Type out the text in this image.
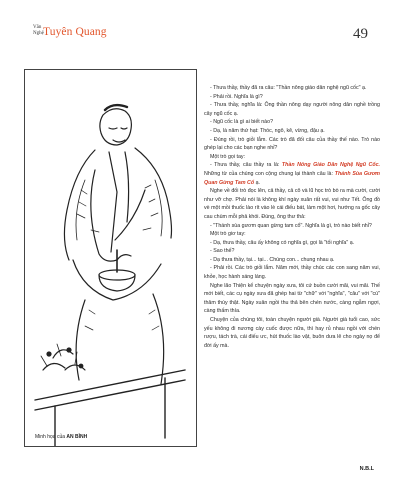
Văn
Nghệ Tuyên Quang	49
Minh họa của AN BÌNH

- Thưa thầy, thầy đã ra câu: "Thần nông giáo dân nghệ ngũ cốc" ạ.

- Phải rồi. Nghĩa là gì?

- Thưa thầy, nghĩa là: Ông thần nông dạy người nông dân nghề trồng cây ngũ cốc ạ.

- Ngũ cốc là gì ai biết nào?

- Dạ, là năm thứ hạt: Thóc, ngô, kê, vừng, đậu ạ.

- Đúng rồi, trò giỏi lắm. Các trò đã đối câu của thầy thế nào. Trò nào ghép lại cho các bạn nghe nhỉ?

Một trò gọi tay:

- Thưa thầy, câu thầy ra là: Thần Nông Giáo Dân Nghệ Ngũ Cốc. Những từ của chúng con cộng chung lại thành câu là: Thánh Sùa Gươm Quan Gừng Tam Cổ ạ.

Nghe về đối trò đọc lên, cả thầy, cả cô và lũ học trò bò ra mà cười, cười như vỡ chợ. Phải nói là không khí ngày xuân rất vui, vui như Tết. Ông đồ vè một mồi thuốc lào rít vào lè cái điếu bát, làm một hơi, hướng ra gốc cây cau chùm mỗi phả khói. Đúng, ông thư thả:

- "Thánh sùa gươm quan gừng tam cổ". Nghĩa là gì, trò nào biết nhỉ?

Một trò giơ tay:

- Dạ, thưa thầy, câu ấy không có nghĩa gì, gọi là "tối nghĩa" ạ.

- Sao thế?

- Dạ thưa thầy, tại... tại... Chúng con... chung nhau ạ.

- Phải rồi. Các trò giỏi lắm. Năm mới, thầy chúc các con sang năm vui, khỏe, học hành sáng láng.

Nghe lão Thiện kể chuyện ngày xưa, tôi cứ buồn cười mãi, vui mãi. Thế mới biết, các cụ ngày xưa đã ghép hai từ "chữ" với "nghĩa", "câu" với "cú" thâm thúy thật. Ngày xuân ngồi thu thả bên chén nước, càng ngẫm ngợi, càng thấm thía.

Chuyện của chúng tôi, toàn chuyện người già. Người già tuổi cao, sức yếu không đi nương cày cuốc được nữa, thì hay rủ nhau ngồi với chén rượu, tách trà, cái điếu ưc, hút thuốc lào vặt, buôn dưa lê cho ngày nọ để đời ấy mà.

N.B.L
